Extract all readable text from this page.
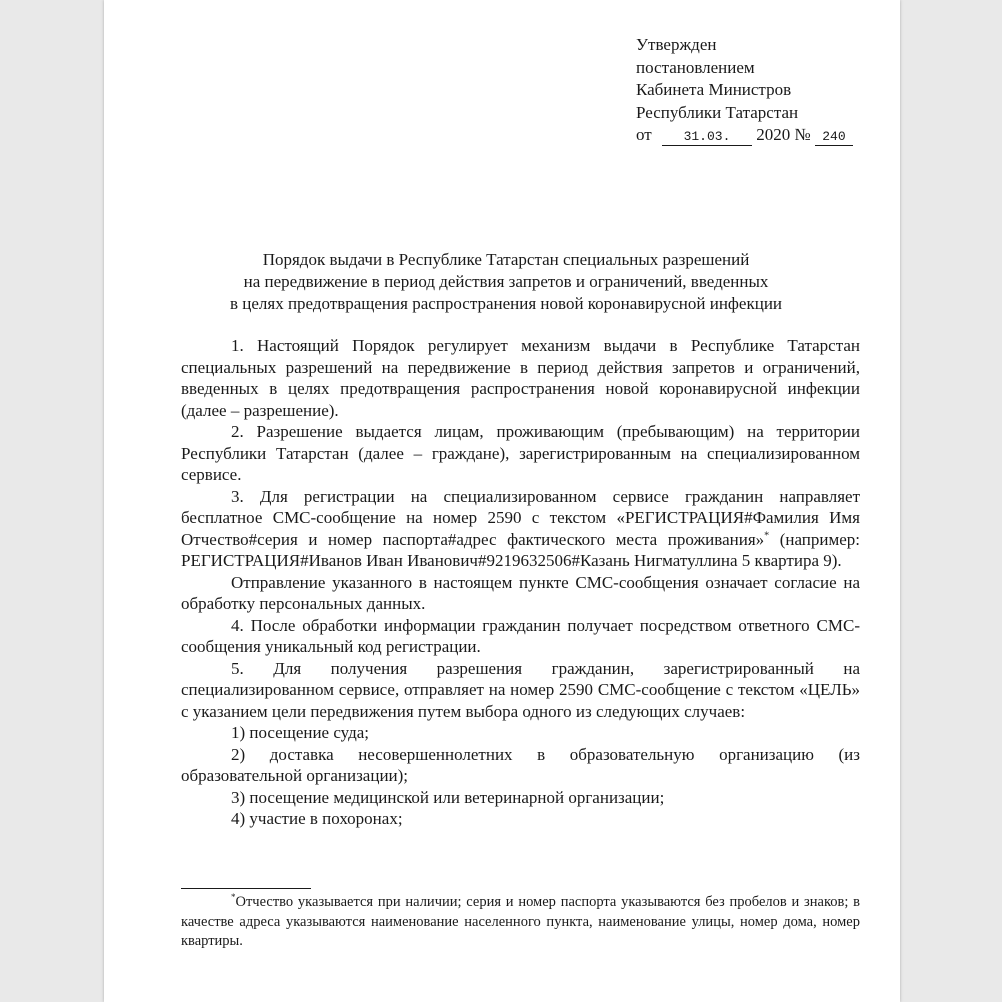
Утвержден
постановлением
Кабинета Министров
Республики Татарстан
от 31.03. 2020 № 240
Порядок выдачи в Республике Татарстан специальных разрешений
на передвижение в период действия запретов и ограничений, введенных
в целях предотвращения распространения новой коронавирусной инфекции

1. Настоящий Порядок регулирует механизм выдачи в Республике Татарстан специальных разрешений на передвижение в период действия запретов и ограничений, введенных в целях предотвращения распространения новой коронавирусной инфекции (далее – разрешение).

2. Разрешение выдается лицам, проживающим (пребывающим) на территории Республики Татарстан (далее – граждане), зарегистрированным на специализированном сервисе.

3. Для регистрации на специализированном сервисе гражданин направляет бесплатное СМС-сообщение на номер 2590 с текстом «РЕГИСТРАЦИЯ#Фамилия Имя Отчество#серия и номер паспорта#адрес фактического места проживания»* (например: РЕГИСТРАЦИЯ#Иванов Иван Иванович#9219632506#Казань Нигматуллина 5 квартира 9).

Отправление указанного в настоящем пункте СМС-сообщения означает согласие на обработку персональных данных.

4. После обработки информации гражданин получает посредством ответного СМС-сообщения уникальный код регистрации.

5. Для получения разрешения гражданин, зарегистрированный на специализированном сервисе, отправляет на номер 2590 СМС-сообщение с текстом «ЦЕЛЬ» с указанием цели передвижения путем выбора одного из следующих случаев:

1) посещение суда;

2) доставка несовершеннолетних в образовательную организацию (из образовательной организации);

3) посещение медицинской или ветеринарной организации;

4) участие в похоронах;

*Отчество указывается при наличии; серия и номер паспорта указываются без пробелов и знаков; в качестве адреса указываются наименование населенного пункта, наименование улицы, номер дома, номер квартиры.
